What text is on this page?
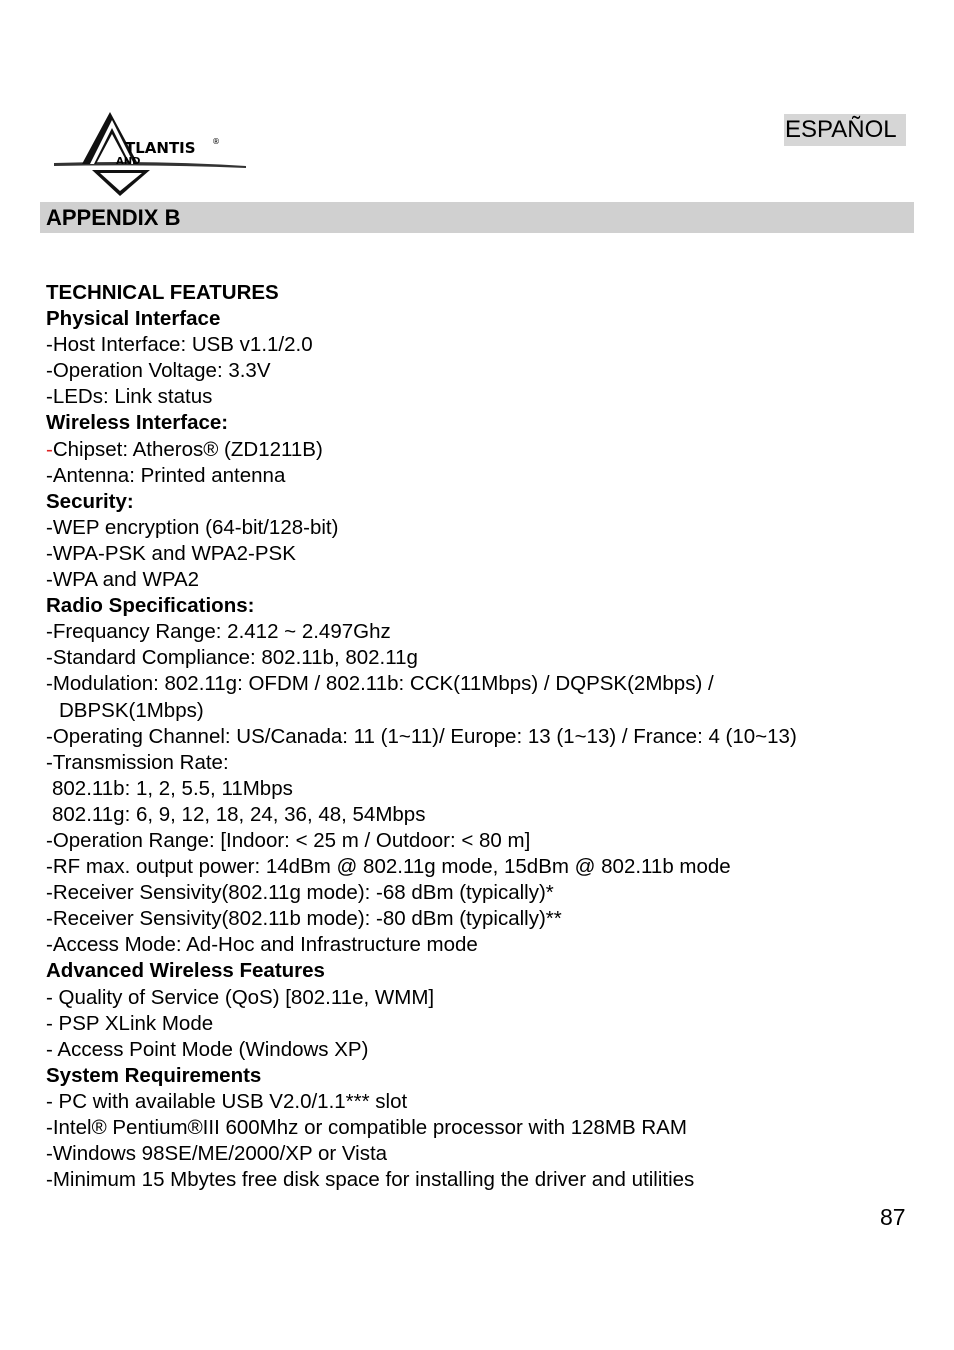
TLANTIS
AND
®	ESPAÑOL
APPENDIX B
TECHNICAL FEATURES
Physical Interface
-Host Interface: USB v1.1/2.0
-Operation Voltage: 3.3V
-LEDs: Link status
Wireless Interface:
-Chipset: Atheros® (ZD1211B)
-Antenna: Printed antenna
Security:
-WEP encryption (64-bit/128-bit)
-WPA-PSK and WPA2-PSK
-WPA and WPA2
Radio Specifications:
-Frequancy Range: 2.412 ~ 2.497Ghz
-Standard Compliance: 802.11b, 802.11g
-Modulation: 802.11g: OFDM / 802.11b: CCK(11Mbps) / DQPSK(2Mbps) /
DBPSK(1Mbps)
-Operating Channel: US/Canada: 11 (1~11)/ Europe: 13 (1~13) / France: 4 (10~13)
-Transmission Rate:
802.11b: 1, 2, 5.5, 11Mbps
802.11g: 6, 9, 12, 18, 24, 36, 48, 54Mbps
-Operation Range: [Indoor: < 25 m / Outdoor: < 80 m]
-RF max. output power: 14dBm @ 802.11g mode, 15dBm @ 802.11b mode
-Receiver Sensivity(802.11g mode): -68 dBm (typically)*
-Receiver Sensivity(802.11b mode): -80 dBm (typically)**
-Access Mode: Ad-Hoc and Infrastructure mode
Advanced Wireless Features
- Quality of Service (QoS) [802.11e, WMM]
- PSP XLink Mode
- Access Point Mode (Windows XP)
System Requirements
- PC with available USB V2.0/1.1*** slot
-Intel® Pentium®III 600Mhz or compatible processor with 128MB RAM
-Windows 98SE/ME/2000/XP or Vista
-Minimum 15 Mbytes free disk space for installing the driver and utilities
87
